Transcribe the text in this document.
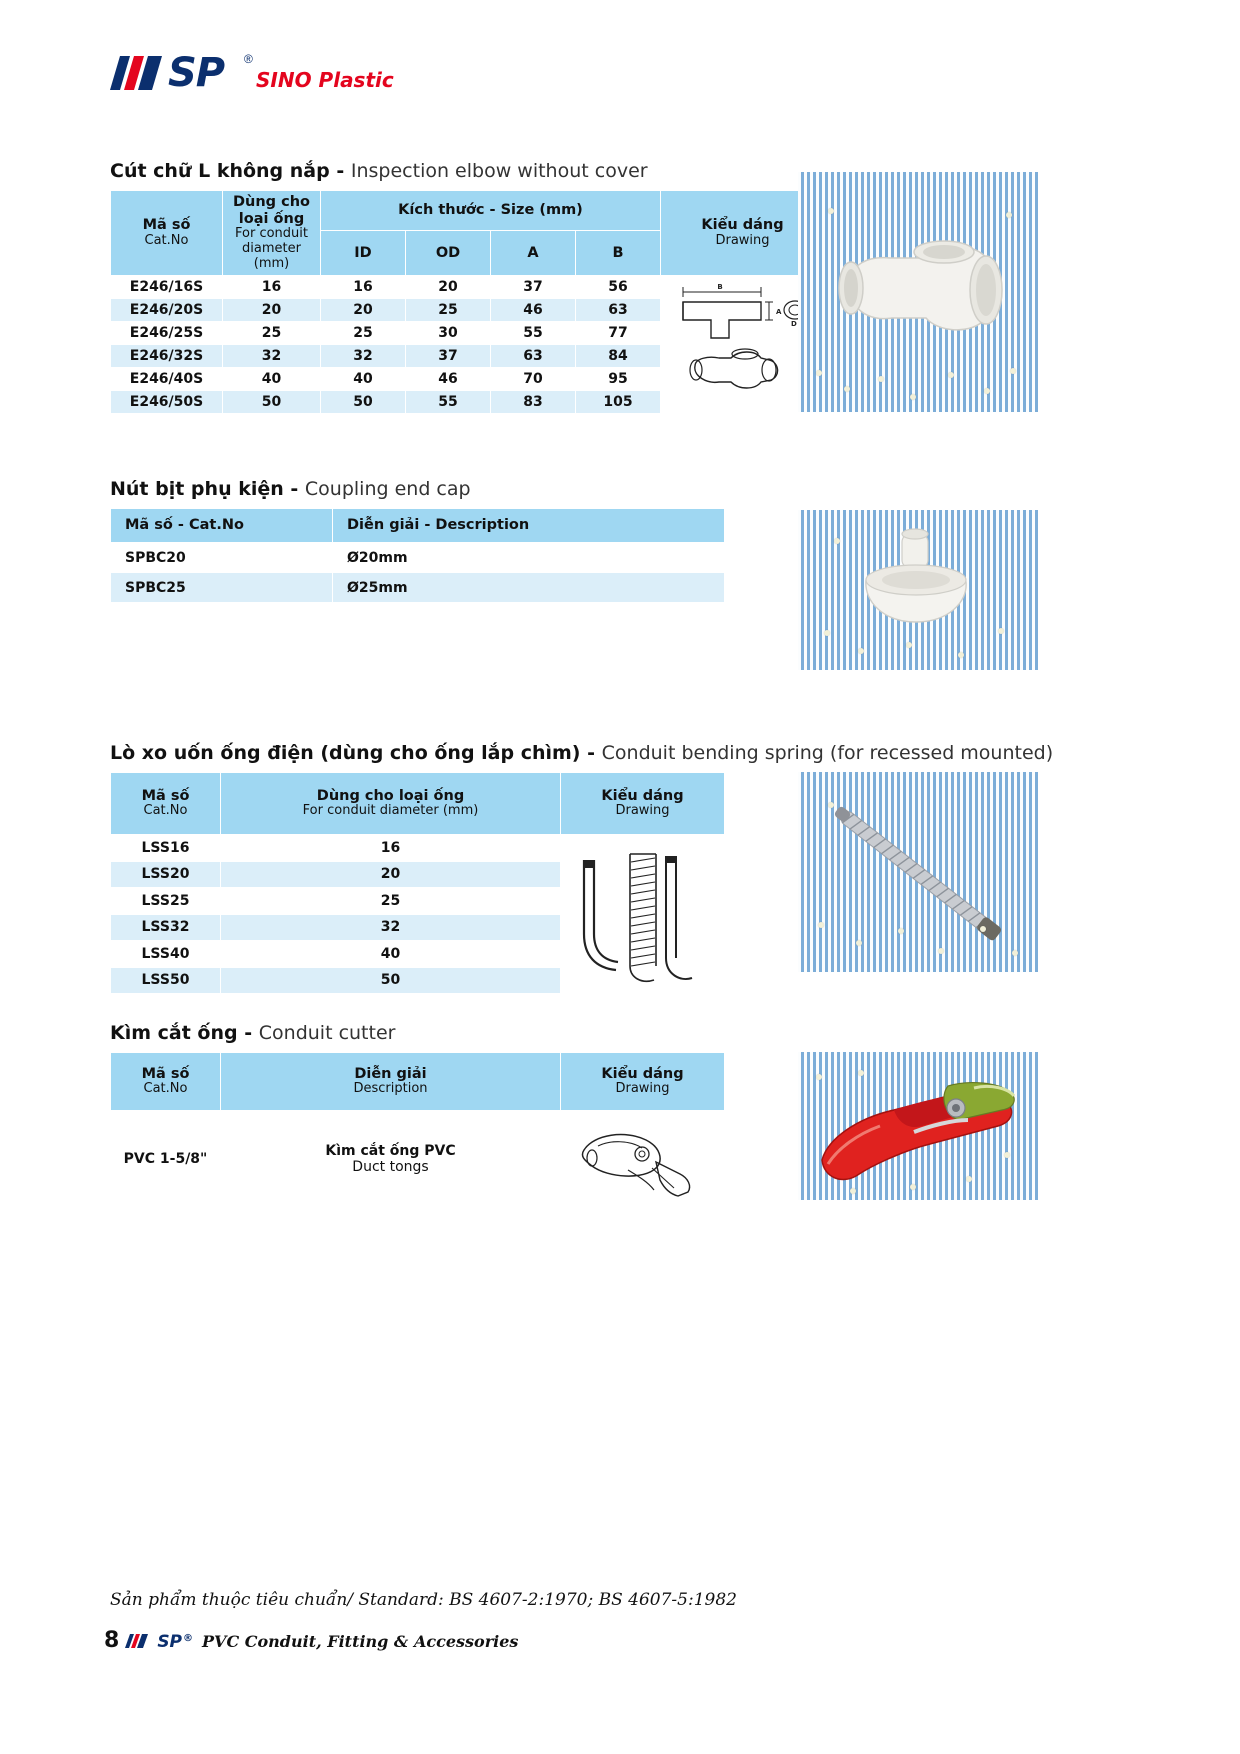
SP ®
SINO Plastic
Cút chữ L không nắp - Inspection elbow without cover
Mã số
Cat.No

Dùng cho loại ống
For conduit diameter (mm)
	Kích thước - Size (mm)	
Kiểu dáng
Drawing

		ID	OD	A	B	
E246/16S	16	16	20	37	56	B
A
D

E246/20S	20	20	25	46	63	
E246/25S	25	25	30	55	77	
E246/32S	32	32	37	63	84	
E246/40S	40	40	46	70	95	
E246/50S	50	50	55	83	105	
Nút bịt phụ kiện - Coupling end cap
Mã số - Cat.No	Diễn giải - Description
SPBC20	Ø20mm
SPBC25	Ø25mm
Lò xo uốn ống điện (dùng cho ống lắp chìm) - Conduit bending spring (for recessed mounted)
Mã số
Cat.No

Dùng cho loại ống
For conduit diameter (mm)

Kiểu dáng
Drawing

LSS16	16	

LSS20	20	
LSS25	25	
LSS32	32	
LSS40	40	
LSS50	50	
Kìm cắt ống - Conduit cutter
Mã số
Cat.No

Diễn giải
Description

Kiểu dáng
Drawing

PVC 1-5/8"	Kìm cắt ống PVC
Duct tongs

Sản phẩm thuộc tiêu chuẩn/ Standard: BS 4607-2:1970; BS 4607-5:1982
8 SP ® PVC Conduit, Fitting & Accessories
